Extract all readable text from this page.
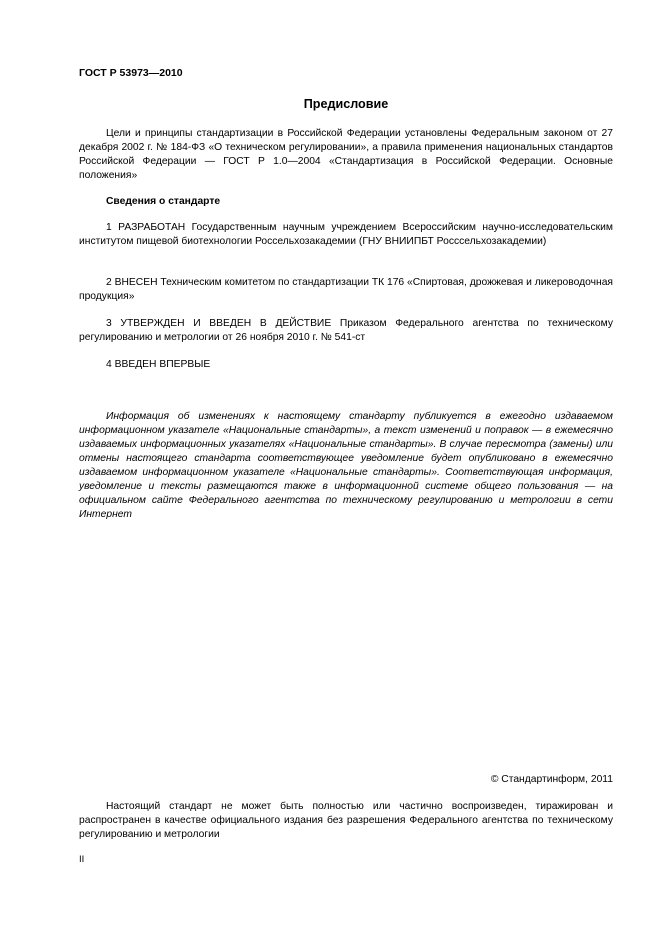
ГОСТ Р 53973—2010
Предисловие

Цели и принципы стандартизации в Российской Федерации установлены Федеральным законом от 27 декабря 2002 г. № 184-ФЗ «О техническом регулировании», а правила применения национальных стандартов Российской Федерации — ГОСТ Р 1.0—2004 «Стандартизация в Российской Федерации. Основные положения»

Сведения о стандарте

1 РАЗРАБОТАН Государственным научным учреждением Всероссийским научно-исследовательским институтом пищевой биотехнологии Россельхозакадемии (ГНУ ВНИИПБТ Росссельхозакадемии)

2 ВНЕСЕН Техническим комитетом по стандартизации ТК 176 «Спиртовая, дрожжевая и ликероводочная продукция»

3 УТВЕРЖДЕН И ВВЕДЕН В ДЕЙСТВИЕ Приказом Федерального агентства по техническому регулированию и метрологии от 26 ноября 2010 г. № 541-ст

4 ВВЕДЕН ВПЕРВЫЕ

Информация об изменениях к настоящему стандарту публикуется в ежегодно издаваемом информационном указателе «Национальные стандарты», а текст изменений и поправок — в ежемесячно издаваемых информационных указателях «Национальные стандарты». В случае пересмотра (замены) или отмены настоящего стандарта соответствующее уведомление будет опубликовано в ежемесячно издаваемом информационном указателе «Национальные стандарты». Соответствующая информация, уведомление и тексты размещаются также в информационной системе общего пользования — на официальном сайте Федерального агентства по техническому регулированию и метрологии в сети Интернет

© Стандартинформ, 2011

Настоящий стандарт не может быть полностью или частично воспроизведен, тиражирован и распространен в качестве официального издания без разрешения Федерального агентства по техническому регулированию и метрологии

II
